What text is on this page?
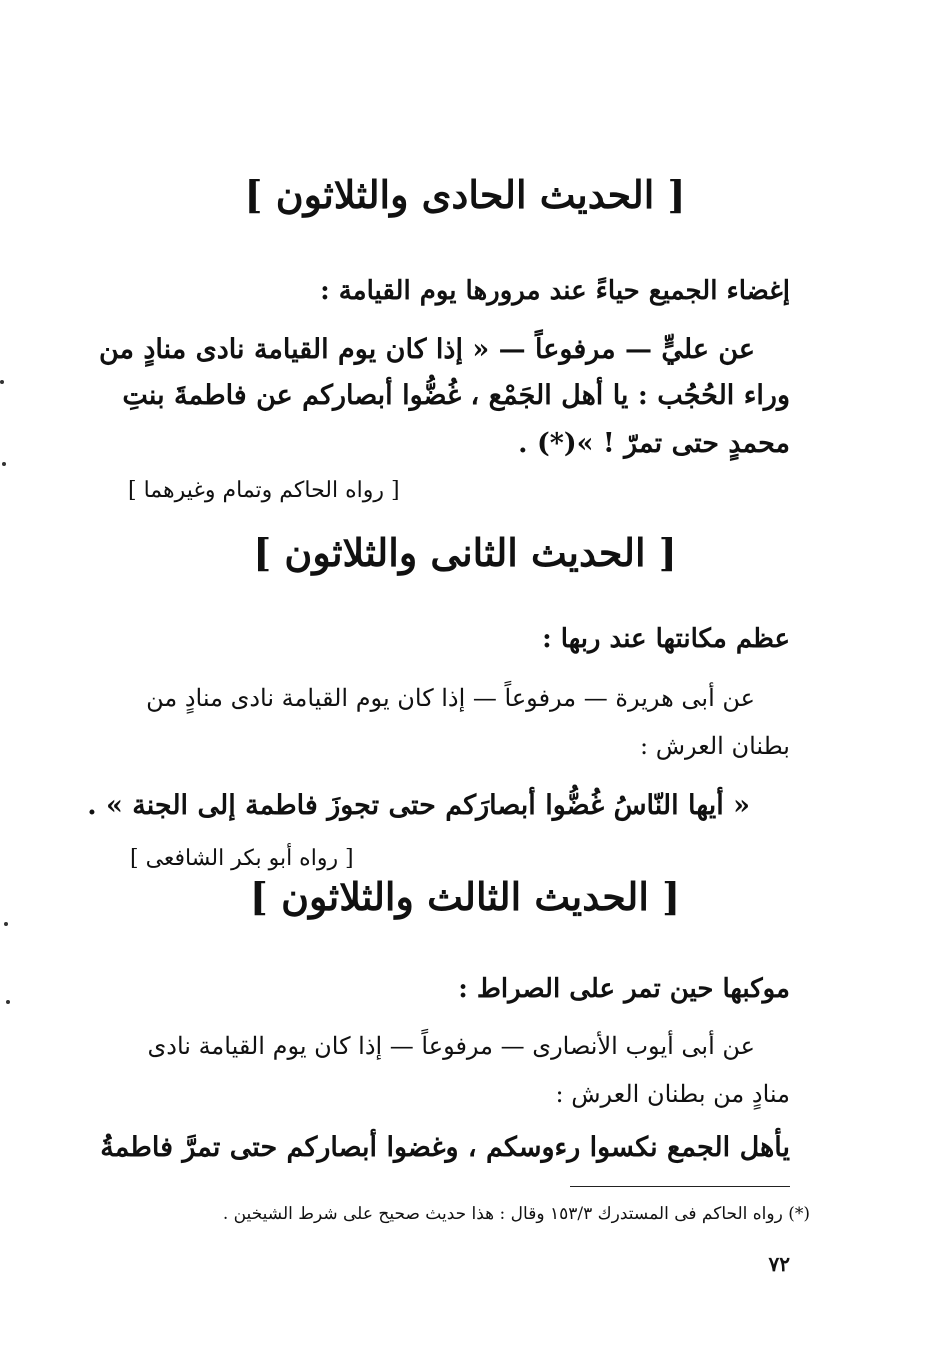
[ الحديث الحادى والثلاثون ]
إغضاء الجميع حياءً عند مرورها يوم القيامة :
عن عليٍّ — مرفوعاً — « إذا كان يوم القيامة نادى منادٍ من
وراء الحُجُب : يا أهل الجَمْع ، غُضُّوا أبصاركم عن فاطمةَ بنتِ
محمدٍ حتى تمرّ ! »(*) .
[ رواه الحاكم وتمام وغيرهما ]
[ الحديث الثانى والثلاثون ]
عظم مكانتها عند ربها :
عن أبى هريرة — مرفوعاً — إذا كان يوم القيامة نادى منادٍ من
بطنان العرش :
« أيها النّاسُ غُضُّوا أبصارَكم حتى تجوزَ فاطمة إلى الجنة » .
[ رواه أبو بكر الشافعى ]
[ الحديث الثالث والثلاثون ]
موكبها حين تمر على الصراط :
عن أبى أيوب الأنصارى — مرفوعاً — إذا كان يوم القيامة نادى
منادٍ من بطنان العرش :
يأهل الجمع نكسوا رءوسكم ، وغضوا أبصاركم حتى تمرَّ فاطمةُ
(*) رواه الحاكم فى المستدرك ١٥٣/٣ وقال : هذا حديث صحيح على شرط الشيخين .
٧٢
